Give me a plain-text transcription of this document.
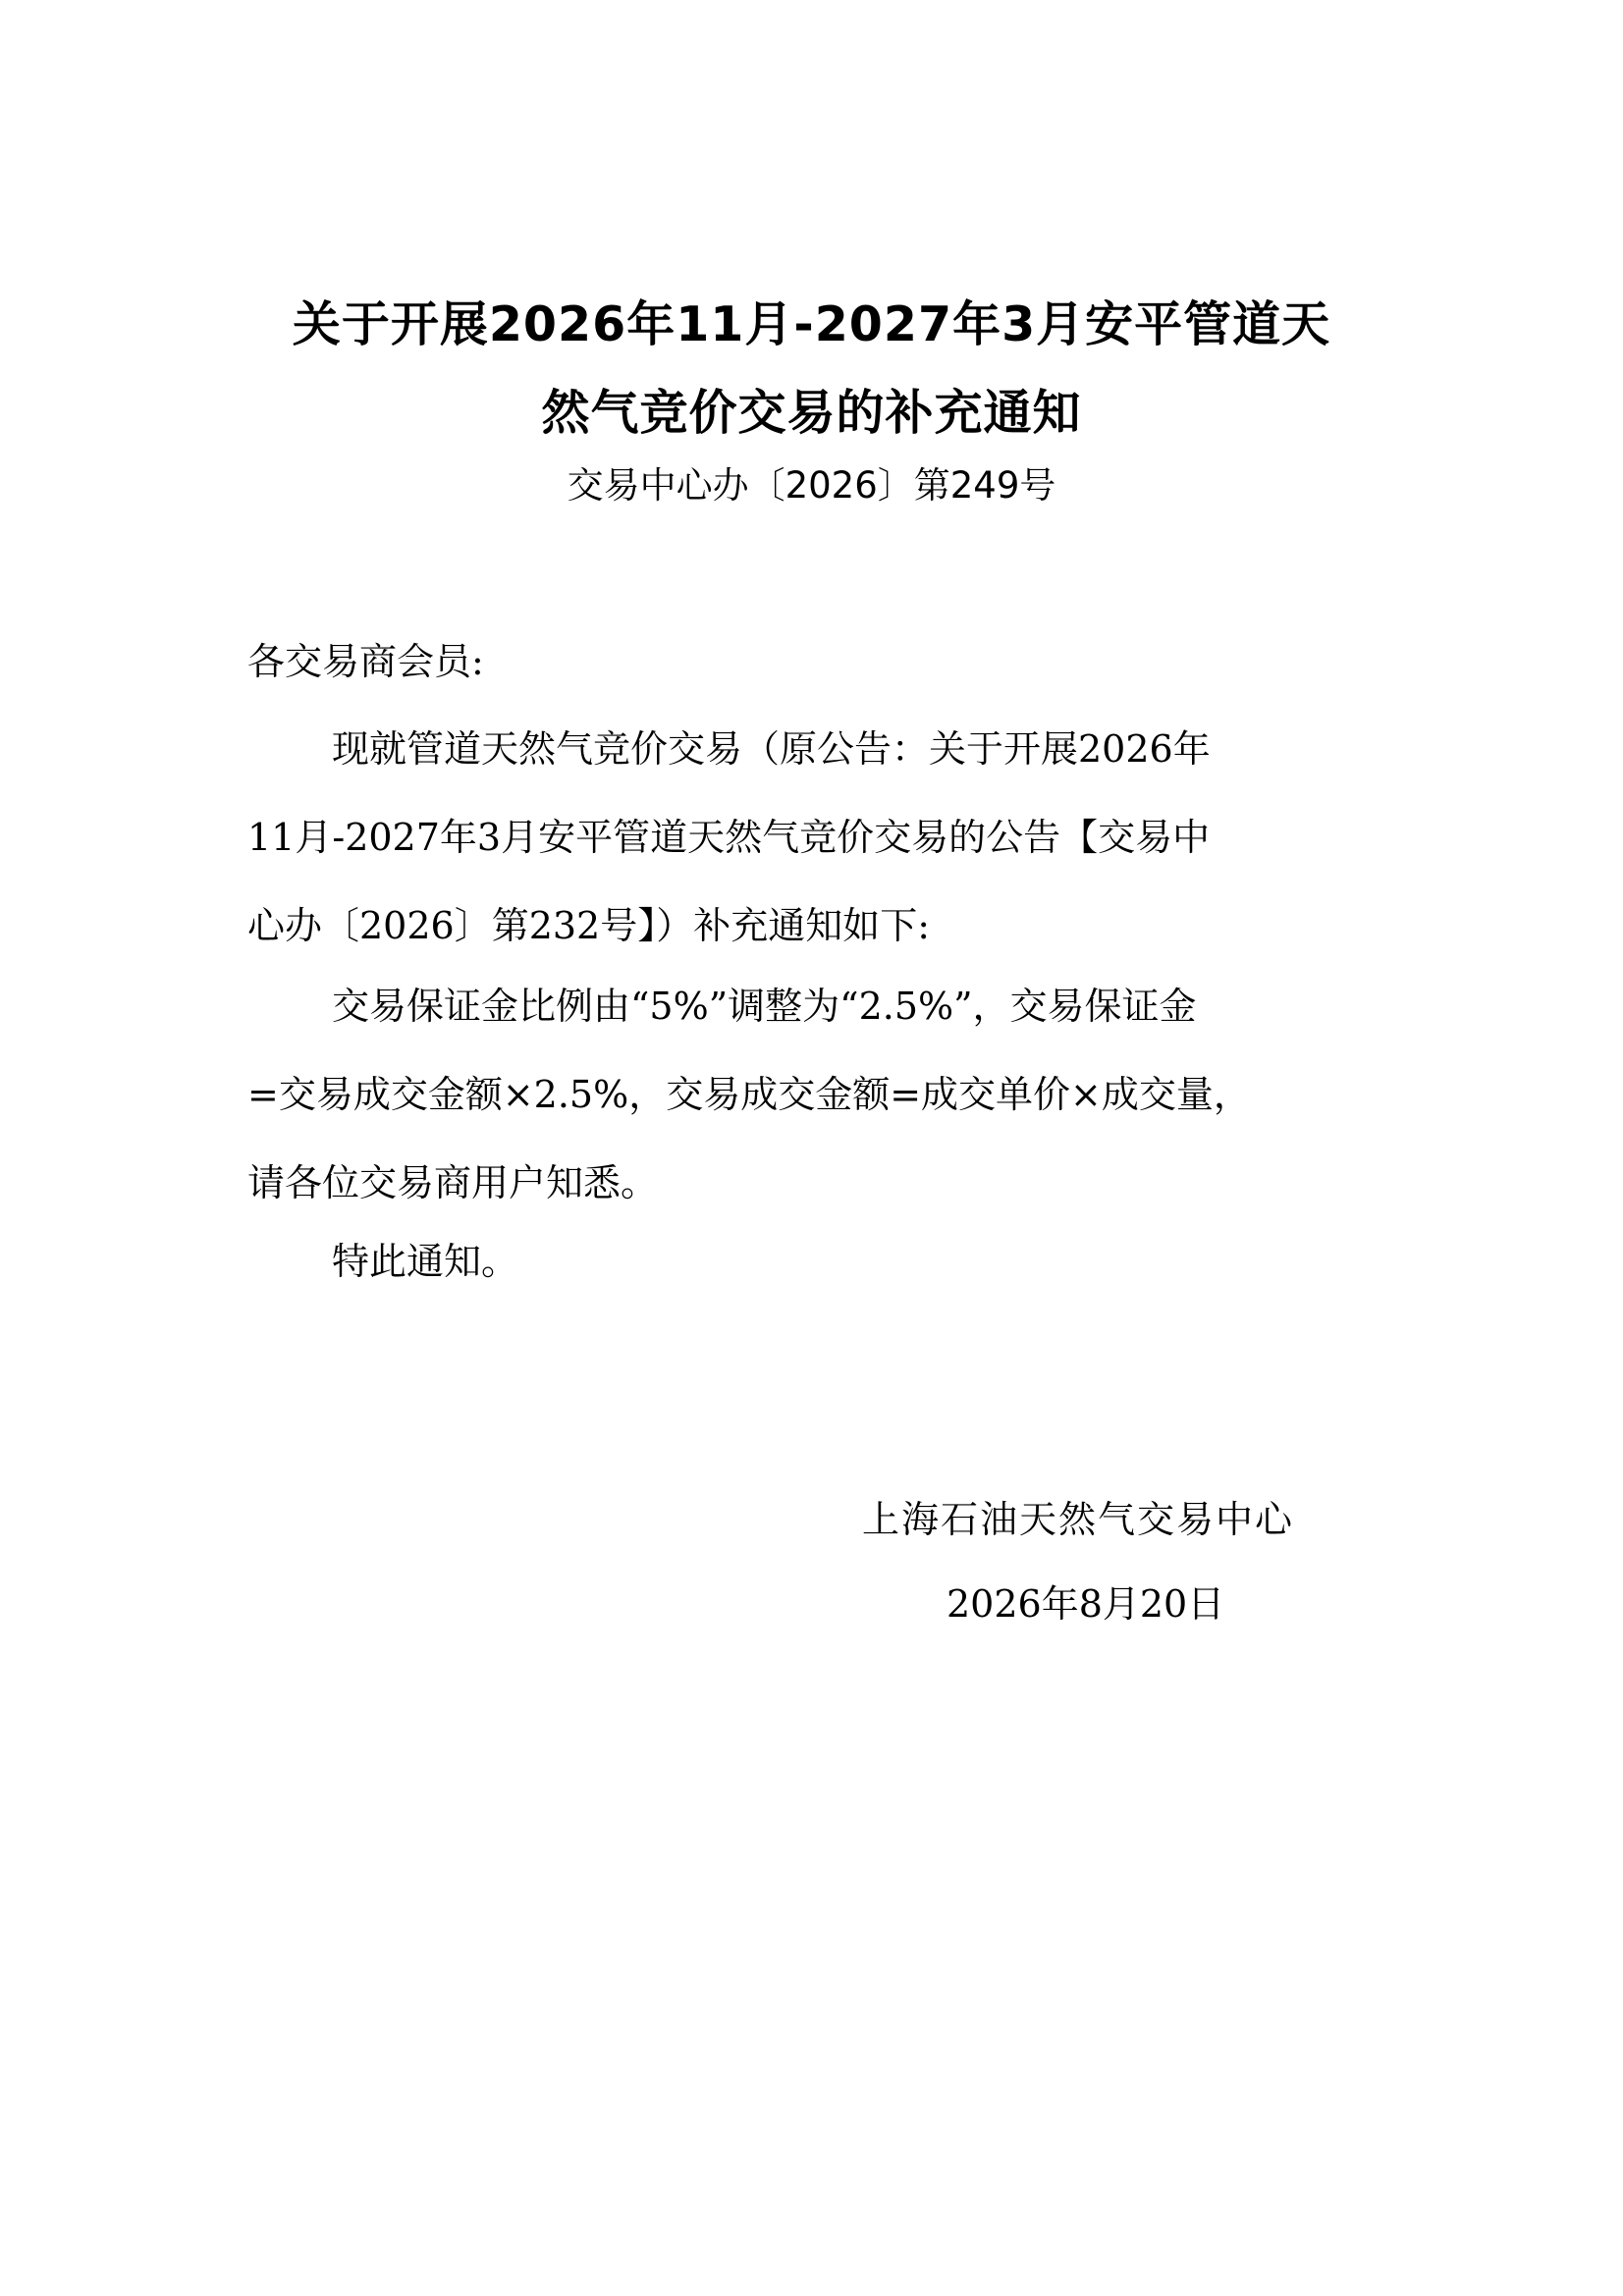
关于开展2026年11月-2027年3月安平管道天
然气竞价交易的补充通知
交易中心办〔2026〕第249号
各交易商会员:
现就管道天然气竞价交易（原公告：关于开展2026年
11月-2027年3月安平管道天然气竞价交易的公告【交易中
心办〔2026〕第232号】）补充通知如下:
交易保证金比例由“5%”调整为“2.5%”，交易保证金
=交易成交金额×2.5%，交易成交金额=成交单价×成交量，
请各位交易商用户知悉。
特此通知。
上海石油天然气交易中心
2026年8月20日
